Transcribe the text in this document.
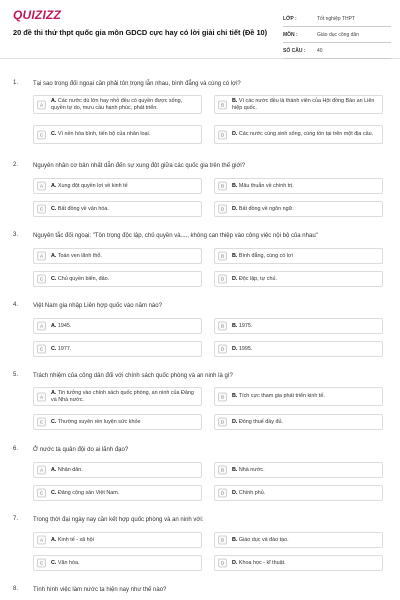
QUIZIZZ
20 đề thi thử thpt quốc gia môn GDCD cực hay có lời giải chi tiết (Đề 10)
LỚP :	Tốt nghiệp THPT
MÔN :	Giáo dục công dân
SỐ CÂU :	40
1. Tại sao trong đối ngoại cần phải tôn trọng lẫn nhau, bình đẳng và cùng có lợi?
A
A. Các nước dù lớn hay nhỏ đều có quyền được sống, quyền tự do, mưu cầu hạnh phúc, phát triển.	B
B. Vì các nước đều là thành viên của Hội đồng Bảo an Liên hiệp quốc.
C	C. Vì nền hòa bình, tiến bộ của nhân loại.	D	D. Các nước cùng sinh sống, cùng tồn tại trên một địa cầu.
2. Nguyên nhân cơ bản nhất dẫn đến sự xung đột giữa các quốc gia trên thế giới?
A	A. Xung đột quyền lợi về kinh tế	B	B. Mâu thuẫn về chính trị.
C	C. Bất đồng về văn hóa.	D	D. Bất đồng về ngôn ngữ.
3. Nguyên tắc đối ngoại: "Tôn trọng độc lập, chủ quyền và...., không can thiệp vào công việc nội bộ của nhau"
A	A. Toàn vẹn lãnh thổ.	B	B. Bình đẳng, cùng có lợi
C	C. Chủ quyền biển, đảo.	D	D. Độc lập, tự chủ.
4. Việt Nam gia nhập Liên hợp quốc vào năm nào?
A	A. 1945.	B	B. 1975.
C	C. 1977.	D	D. 1995.
5. Trách nhiệm của công dân đối với chính sách quốc phòng và an ninh là gì?
A
A. Tin tưởng vào chính sách quốc phòng, an ninh của Đảng và Nhà nước.	B	B. Tích cực tham gia phát triển kinh tế.
C	C. Thường xuyên rèn luyện sức khỏe	D	D. Đóng thuế đầy đủ.
6. Ở nước ta quân đội do ai lãnh đạo?
A	A. Nhân dân.	B	B. Nhà nước.
C	C. Đảng cộng sản Việt Nam.	D	D. Chính phủ.
7. Trong thời đại ngày nay cần kết hợp quốc phòng và an ninh với:
A	A. Kinh tế - xã hội	B	B. Giáo dục và đào tạo.
C	C. Văn hóa.	D	D. Khoa học - kĩ thuật.
8. Tình hình việc làm nước ta hiện nay như thế nào?
